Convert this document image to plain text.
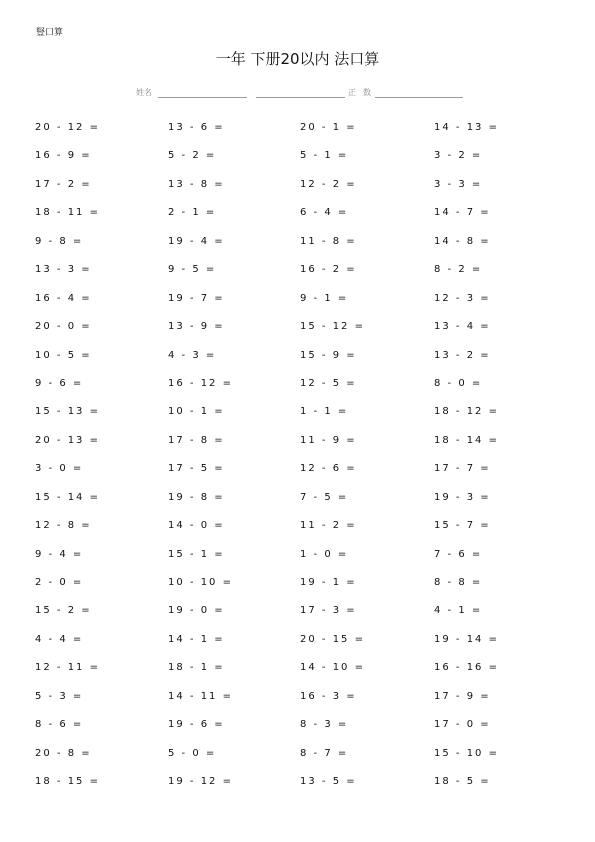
豎口算
一年 下册20以内 法口算
姓名	正 数
20 - 12 =	13 - 6 =	20 - 1 =	14 - 13 =
16 - 9 =	5 - 2 =	5 - 1 =	3 - 2 =
17 - 2 =	13 - 8 =	12 - 2 =	3 - 3 =
18 - 11 =	2 - 1 =	6 - 4 =	14 - 7 =
9 - 8 =	19 - 4 =	11 - 8 =	14 - 8 =
13 - 3 =	9 - 5 =	16 - 2 =	8 - 2 =
16 - 4 =	19 - 7 =	9 - 1 =	12 - 3 =
20 - 0 =	13 - 9 =	15 - 12 =	13 - 4 =
10 - 5 =	4 - 3 =	15 - 9 =	13 - 2 =
9 - 6 =	16 - 12 =	12 - 5 =	8 - 0 =
15 - 13 =	10 - 1 =	1 - 1 =	18 - 12 =
20 - 13 =	17 - 8 =	11 - 9 =	18 - 14 =
3 - 0 =	17 - 5 =	12 - 6 =	17 - 7 =
15 - 14 =	19 - 8 =	7 - 5 =	19 - 3 =
12 - 8 =	14 - 0 =	11 - 2 =	15 - 7 =
9 - 4 =	15 - 1 =	1 - 0 =	7 - 6 =
2 - 0 =	10 - 10 =	19 - 1 =	8 - 8 =
15 - 2 =	19 - 0 =	17 - 3 =	4 - 1 =
4 - 4 =	14 - 1 =	20 - 15 =	19 - 14 =
12 - 11 =	18 - 1 =	14 - 10 =	16 - 16 =
5 - 3 =	14 - 11 =	16 - 3 =	17 - 9 =
8 - 6 =	19 - 6 =	8 - 3 =	17 - 0 =
20 - 8 =	5 - 0 =	8 - 7 =	15 - 10 =
18 - 15 =	19 - 12 =	13 - 5 =	18 - 5 =
